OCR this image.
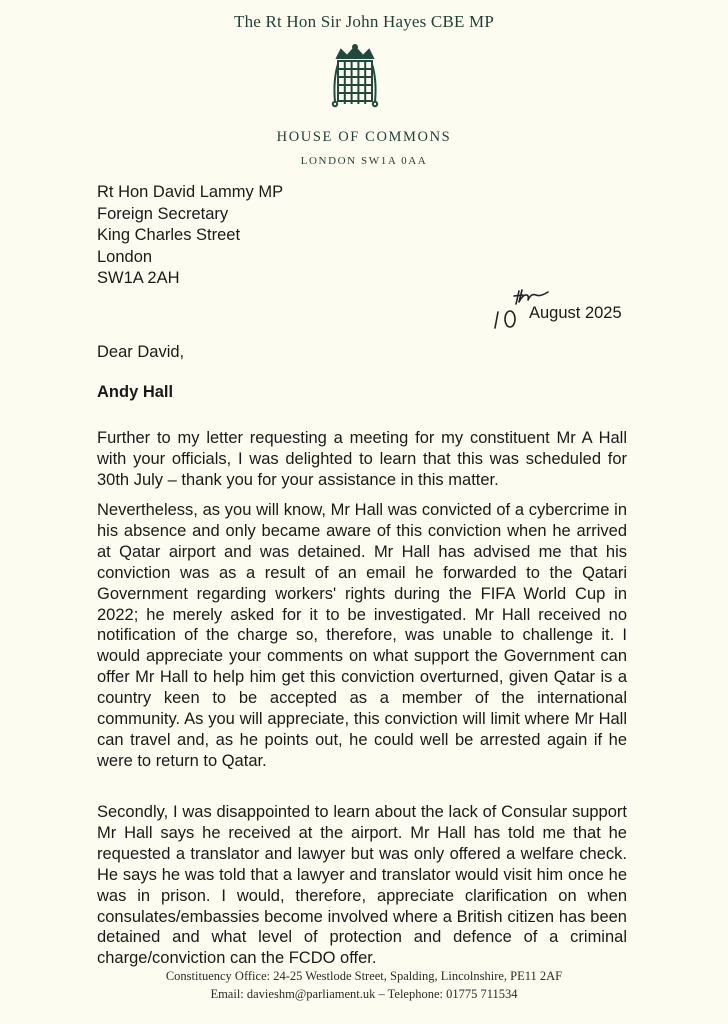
The Rt Hon Sir John Hayes CBE MP
HOUSE OF COMMONS
LONDON SW1A 0AA
Rt Hon David Lammy MP
Foreign Secretary
King Charles Street
London
SW1A 2AH
August 2025
Dear David,
Andy Hall
Further to my letter requesting a meeting for my constituent Mr A Hall with your officials, I was delighted to learn that this was scheduled for 30th July – thank you for your assistance in this matter.
Nevertheless, as you will know, Mr Hall was convicted of a cybercrime in his absence and only became aware of this conviction when he arrived at Qatar airport and was detained. Mr Hall has advised me that his conviction was as a result of an email he forwarded to the Qatari Government regarding workers' rights during the FIFA World Cup in 2022; he merely asked for it to be investigated. Mr Hall received no notification of the charge so, therefore, was unable to challenge it. I would appreciate your comments on what support the Government can offer Mr Hall to help him get this conviction overturned, given Qatar is a country keen to be accepted as a member of the international community. As you will appreciate, this conviction will limit where Mr Hall can travel and, as he points out, he could well be arrested again if he were to return to Qatar.
Secondly, I was disappointed to learn about the lack of Consular support Mr Hall says he received at the airport. Mr Hall has told me that he requested a translator and lawyer but was only offered a welfare check. He says he was told that a lawyer and translator would visit him once he was in prison. I would, therefore, appreciate clarification on when consulates/embassies become involved where a British citizen has been detained and what level of protection and defence of a criminal charge/conviction can the FCDO offer.
Constituency Office: 24-25 Westlode Street, Spalding, Lincolnshire, PE11 2AF
Email: davieshm@parliament.uk – Telephone: 01775 711534
